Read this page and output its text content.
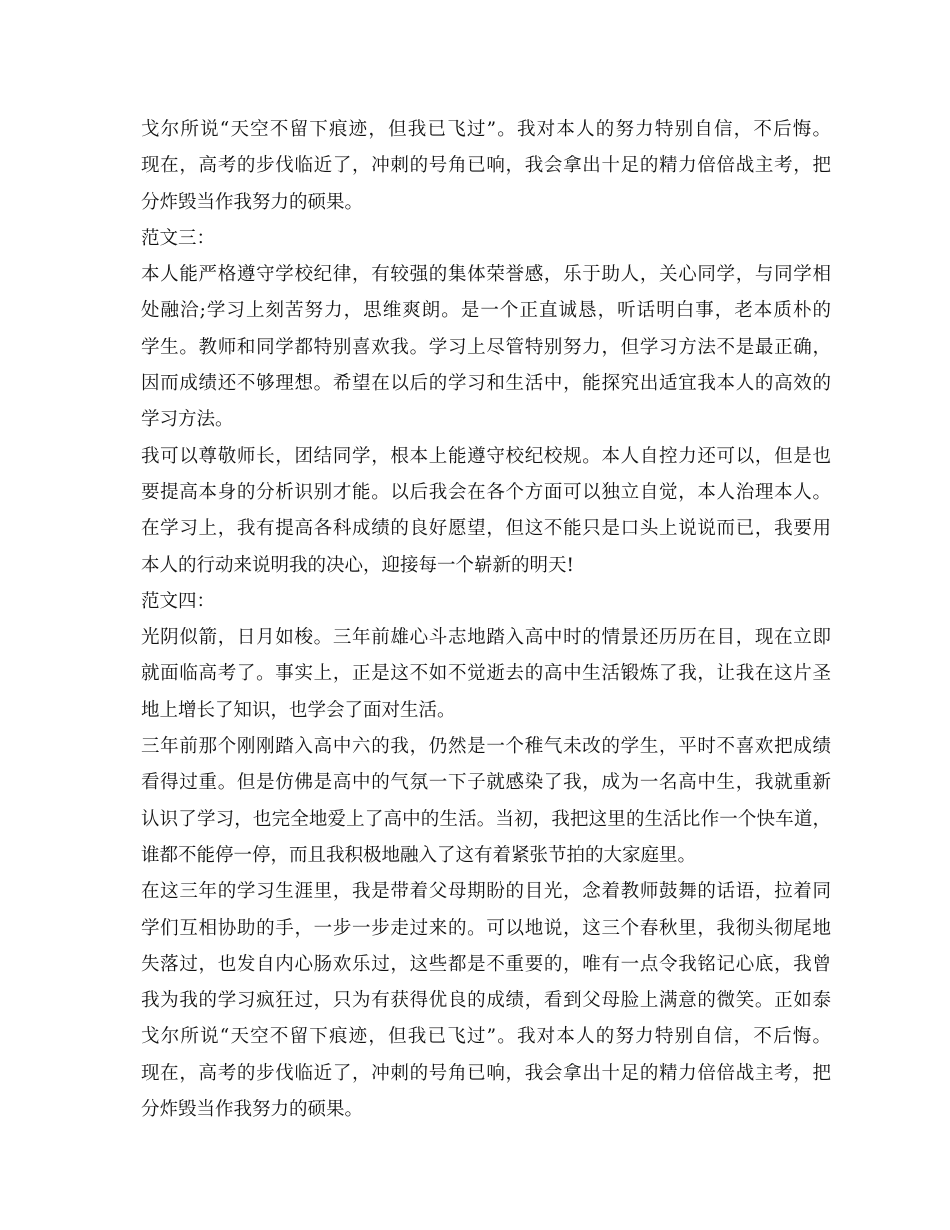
戈尔所说“天空不留下痕迹，但我已飞过”。我对本人的努力特别自信，不后悔。
现在，高考的步伐临近了，冲刺的号角已响，我会拿出十足的精力倍倍战主考，把
分炸毁当作我努力的硕果。
范文三：
本人能严格遵守学校纪律，有较强的集体荣誉感，乐于助人，关心同学，与同学相
处融洽;学习上刻苦努力，思维爽朗。是一个正直诚恳，听话明白事，老本质朴的
学生。教师和同学都特别喜欢我。学习上尽管特别努力，但学习方法不是最正确，
因而成绩还不够理想。希望在以后的学习和生活中，能探究出适宜我本人的高效的
学习方法。
我可以尊敬师长，团结同学，根本上能遵守校纪校规。本人自控力还可以，但是也
要提高本身的分析识别才能。以后我会在各个方面可以独立自觉，本人治理本人。
在学习上，我有提高各科成绩的良好愿望，但这不能只是口头上说说而已，我要用
本人的行动来说明我的决心，迎接每一个崭新的明天!
范文四：
光阴似箭，日月如梭。三年前雄心斗志地踏入高中时的情景还历历在目，现在立即
就面临高考了。事实上，正是这不如不觉逝去的高中生活锻炼了我，让我在这片圣
地上增长了知识，也学会了面对生活。
三年前那个刚刚踏入高中六的我，仍然是一个稚气未改的学生，平时不喜欢把成绩
看得过重。但是仿佛是高中的气氛一下子就感染了我，成为一名高中生，我就重新
认识了学习，也完全地爱上了高中的生活。当初，我把这里的生活比作一个快车道，
谁都不能停一停，而且我积极地融入了这有着紧张节拍的大家庭里。
在这三年的学习生涯里，我是带着父母期盼的目光，念着教师鼓舞的话语，拉着同
学们互相协助的手，一步一步走过来的。可以地说，这三个春秋里，我彻头彻尾地
失落过，也发自内心肠欢乐过，这些都是不重要的，唯有一点令我铭记心底，我曾
我为我的学习疯狂过，只为有获得优良的成绩，看到父母脸上满意的微笑。正如泰
戈尔所说“天空不留下痕迹，但我已飞过”。我对本人的努力特别自信，不后悔。
现在，高考的步伐临近了，冲刺的号角已响，我会拿出十足的精力倍倍战主考，把
分炸毁当作我努力的硕果。
